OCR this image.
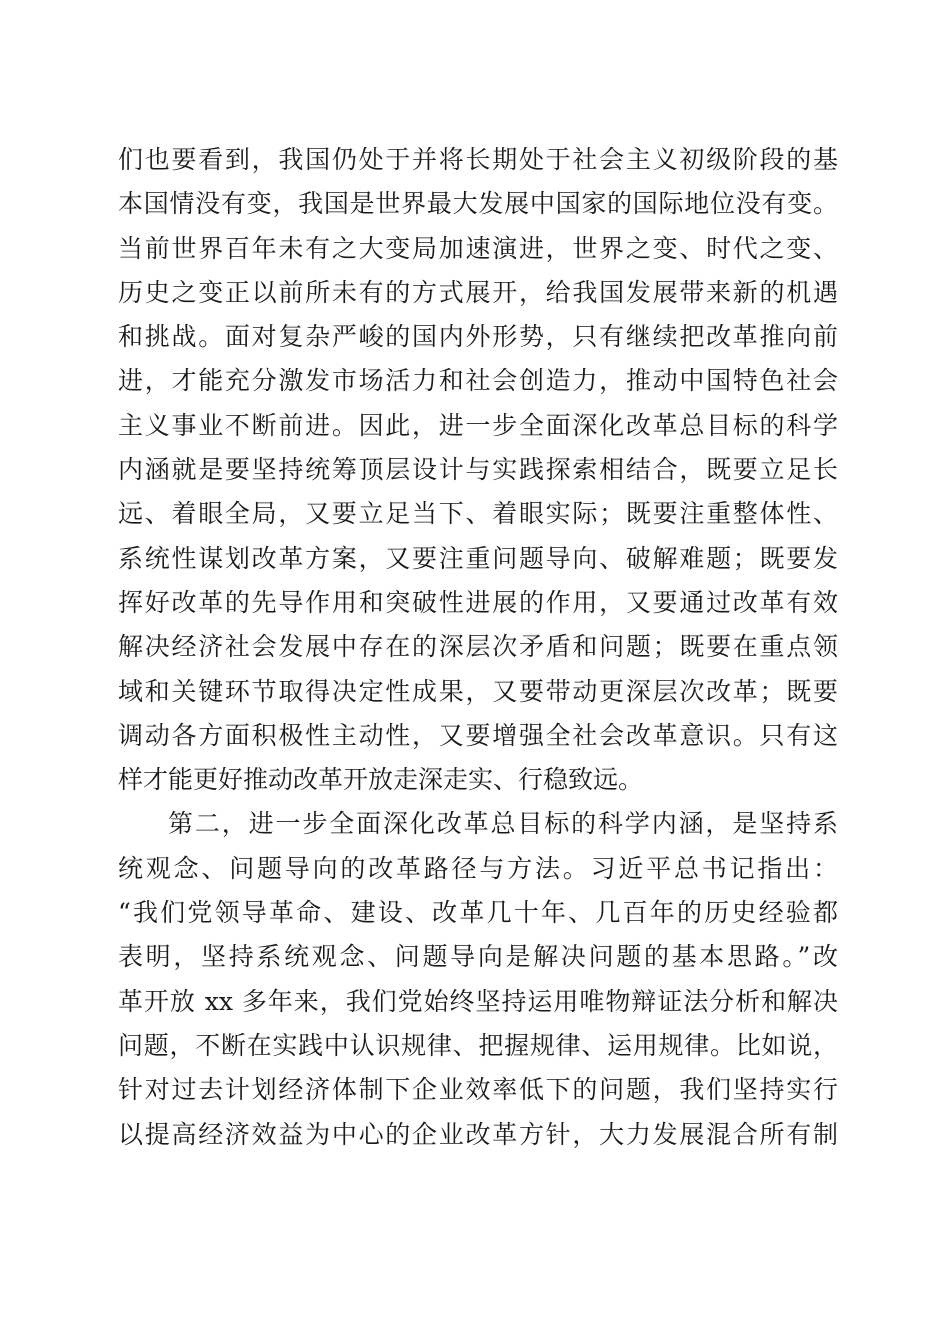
们也要看到，我国仍处于并将长期处于社会主义初级阶段的基
本国情没有变，我国是世界最大发展中国家的国际地位没有变。
当前世界百年未有之大变局加速演进，世界之变、时代之变、
历史之变正以前所未有的方式展开，给我国发展带来新的机遇
和挑战。面对复杂严峻的国内外形势，只有继续把改革推向前
进，才能充分激发市场活力和社会创造力，推动中国特色社会
主义事业不断前进。因此，进一步全面深化改革总目标的科学
内涵就是要坚持统筹顶层设计与实践探索相结合，既要立足长
远、着眼全局，又要立足当下、着眼实际；既要注重整体性、
系统性谋划改革方案，又要注重问题导向、破解难题；既要发
挥好改革的先导作用和突破性进展的作用，又要通过改革有效
解决经济社会发展中存在的深层次矛盾和问题；既要在重点领
域和关键环节取得决定性成果，又要带动更深层次改革；既要
调动各方面积极性主动性，又要增强全社会改革意识。只有这
样才能更好推动改革开放走深走实、行稳致远。
第二，进一步全面深化改革总目标的科学内涵，是坚持系
统观念、问题导向的改革路径与方法。习近平总书记指出：
“我们党领导革命、建设、改革几十年、几百年的历史经验都
表明，坚持系统观念、问题导向是解决问题的基本思路。”改
革开放 xx 多年来，我们党始终坚持运用唯物辩证法分析和解决
问题，不断在实践中认识规律、把握规律、运用规律。比如说，
针对过去计划经济体制下企业效率低下的问题，我们坚持实行
以提高经济效益为中心的企业改革方针，大力发展混合所有制
